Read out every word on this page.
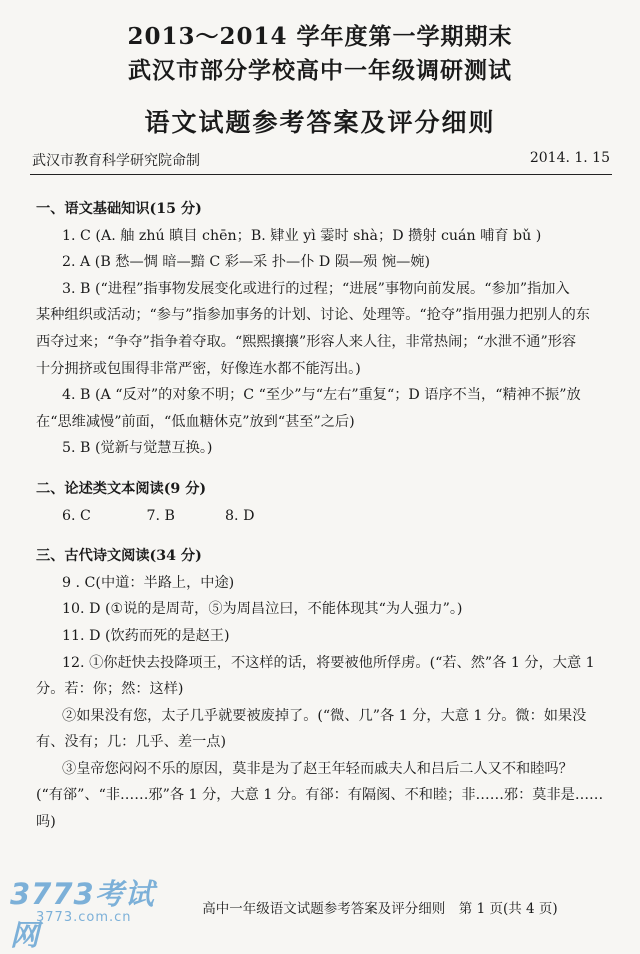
2013～2014 学年度第一学期期末
武汉市部分学校高中一年级调研测试
语文试题参考答案及评分细则
武汉市教育科学研究院命制	2014. 1. 15
一、语文基础知识(15 分)
1. C (A. 舳 zhú 瞋目 chēn；B. 肄业 yì 霎时 shà；D 攒射 cuán 哺育 bǔ )
2. A (B 愁—惆 暗—黯 C 彩—采 扑—仆 D 陨—殒 惋—婉)
3. B (“进程”指事物发展变化或进行的过程；“进展”事物向前发展。“参加”指加入
某种组织或活动；“参与”指参加事务的计划、讨论、处理等。“抢夺”指用强力把别人的东
西夺过来；“争夺”指争着夺取。“熙熙攘攘”形容人来人往，非常热闹；“水泄不通”形容
十分拥挤或包围得非常严密，好像连水都不能泻出。)
4. B (A “反对”的对象不明；C “至少”与“左右”重复“；D 语序不当，“精神不振”放
在“思维减慢”前面，“低血糖休克”放到“甚至”之后)
5. B (觉新与觉慧互换。)
二、论述类文本阅读(9 分)
6. C	7. B	8. D
三、古代诗文阅读(34 分)
9 . C(中道：半路上，中途)
10. D (①说的是周苛，⑤为周昌泣曰，不能体现其“为人强力”。)
11. D (饮药而死的是赵王)
12. ①你赶快去投降项王，不这样的话，将要被他所俘虏。(“若、然”各 1 分，大意 1
分。若：你；然：这样)
②如果没有您，太子几乎就要被废掉了。(“微、几”各 1 分，大意 1 分。微：如果没
有、没有；几：几乎、差一点)
③皇帝您闷闷不乐的原因，莫非是为了赵王年轻而戚夫人和吕后二人又不和睦吗？
(“有郤”、“非……邪”各 1 分，大意 1 分。有郤：有隔阂、不和睦；非……邪：莫非是……
吗)
3773考试网
3773.com.cn
高中一年级语文试题参考答案及评分细则　第 1 页(共 4 页)
